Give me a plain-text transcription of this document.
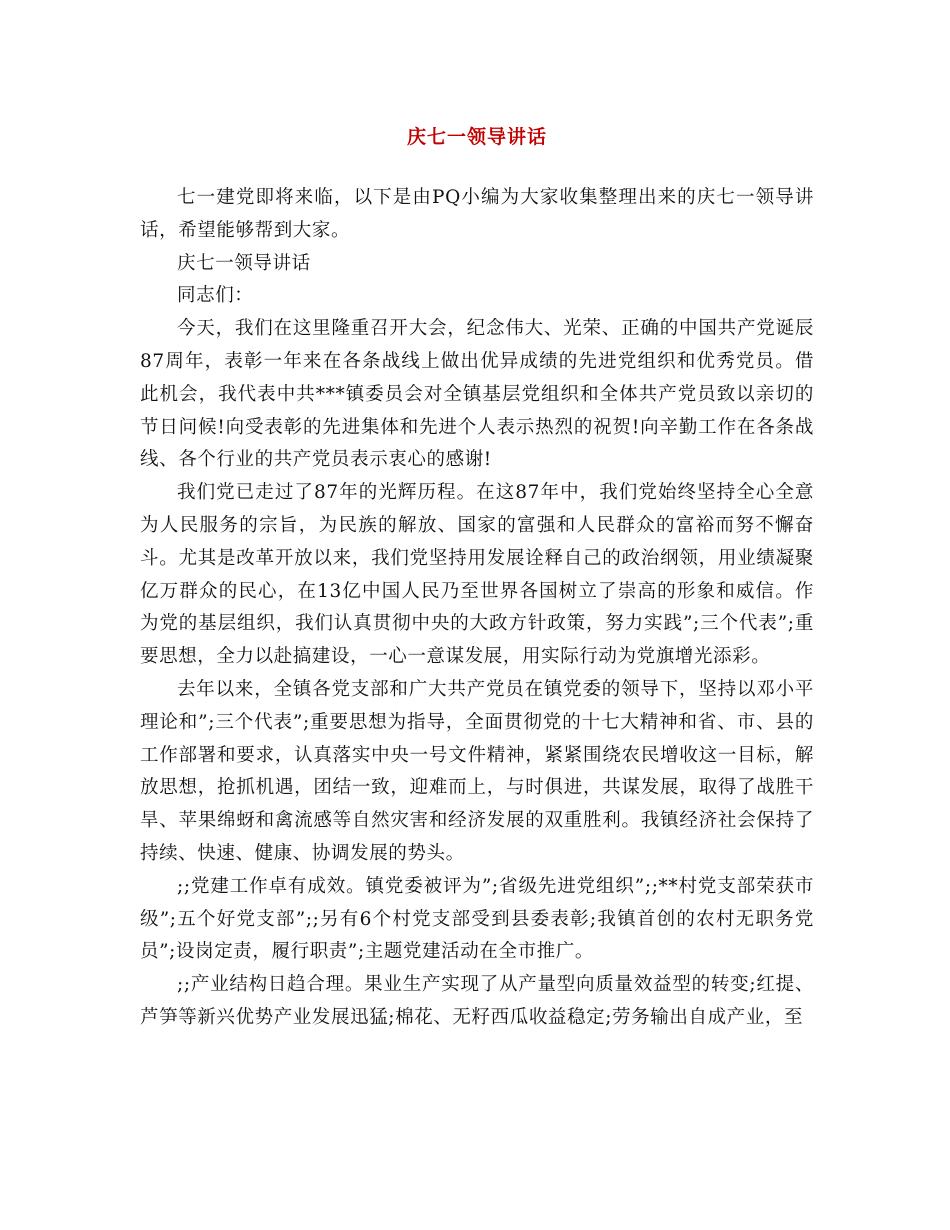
庆七一领导讲话

七一建党即将来临，以下是由PQ小编为大家收集整理出来的庆七一领导讲话，希望能够帮到大家。

庆七一领导讲话

同志们：

今天，我们在这里隆重召开大会，纪念伟大、光荣、正确的中国共产党诞辰87周年，表彰一年来在各条战线上做出优异成绩的先进党组织和优秀党员。借此机会，我代表中共***镇委员会对全镇基层党组织和全体共产党员致以亲切的节日问候!向受表彰的先进集体和先进个人表示热烈的祝贺!向辛勤工作在各条战线、各个行业的共产党员表示衷心的感谢!

我们党已走过了87年的光辉历程。在这87年中，我们党始终坚持全心全意为人民服务的宗旨，为民族的解放、国家的富强和人民群众的富裕而努不懈奋斗。尤其是改革开放以来，我们党坚持用发展诠释自己的政治纲领，用业绩凝聚亿万群众的民心，在13亿中国人民乃至世界各国树立了崇高的形象和威信。作为党的基层组织，我们认真贯彻中央的大政方针政策，努力实践”;三个代表”;重要思想，全力以赴搞建设，一心一意谋发展，用实际行动为党旗增光添彩。

去年以来，全镇各党支部和广大共产党员在镇党委的领导下，坚持以邓小平理论和”;三个代表”;重要思想为指导，全面贯彻党的十七大精神和省、市、县的工作部署和要求，认真落实中央一号文件精神，紧紧围绕农民增收这一目标，解放思想，抢抓机遇，团结一致，迎难而上，与时俱进，共谋发展，取得了战胜干旱、苹果绵蚜和禽流感等自然灾害和经济发展的双重胜利。我镇经济社会保持了持续、快速、健康、协调发展的势头。

;;党建工作卓有成效。镇党委被评为”;省级先进党组织”;;**村党支部荣获市级”;五个好党支部”;;另有6个村党支部受到县委表彰;我镇首创的农村无职务党员”;设岗定责，履行职责”;主题党建活动在全市推广。

;;产业结构日趋合理。果业生产实现了从产量型向质量效益型的转变;红提、芦笋等新兴优势产业发展迅猛;棉花、无籽西瓜收益稳定;劳务输出自成产业，至
